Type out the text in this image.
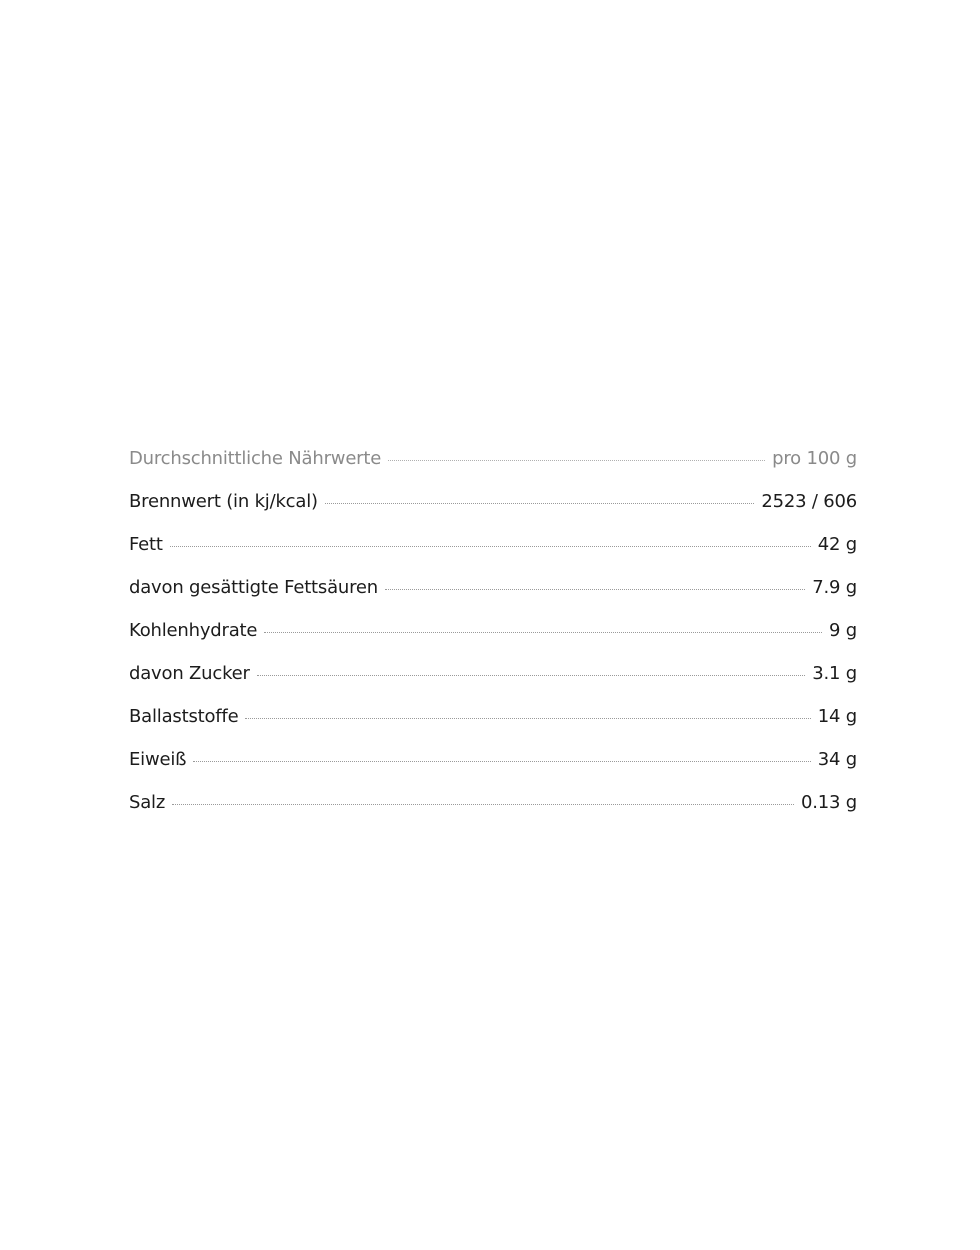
Durchschnittliche Nährwerte	pro 100 g
Brennwert (in kj/kcal)	2523 / 606
Fett	42 g
davon gesättigte Fettsäuren	7.9 g
Kohlenhydrate	9 g
davon Zucker	3.1 g
Ballaststoffe	14 g
Eiweiß	34 g
Salz	0.13 g
